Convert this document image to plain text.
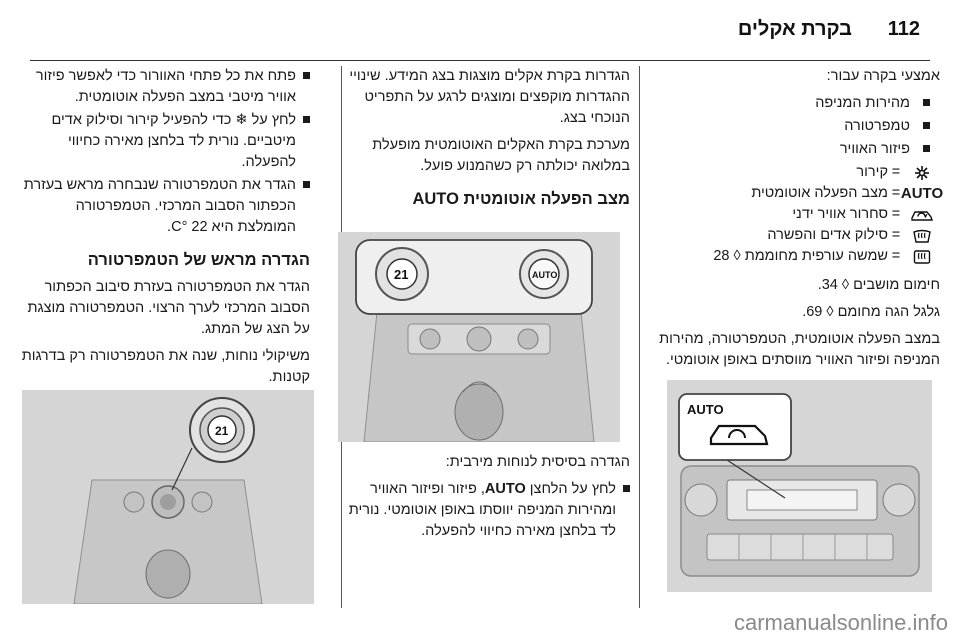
112
בקרת אקלים

אמצעי בקרה עבור:

מהירות המניפה
טמפרטורה
פיזור האוויר
=
קירור
AUTO
=
מצב הפעלה אוטומטית
=
סחרור אוויר ידני
=
סילוק אדים והפשרה
=
שמשה עורפית מחוממת ◊ 28

חימום מושבים ◊ 34.

גלגל הגה מחומם ◊ 69.

במצב הפעלה אוטומטית, הטמפרטורה, מהירות המניפה ופיזור האוויר מווסתים באופן אוטומטי.

AUTO

הגדרות בקרת אקלים מוצגות בצג המידע. שינויי ההגדרות מוקפצים ומוצגים לרגע על התפריט הנוכחי בצג.

מערכת בקרת האקלים האוטומטית מופעלת במלואה יכולתה רק כשהמנוע פועל.

מצב הפעלה אוטומטית AUTO
21	AUTO

הגדרה בסיסית לנוחות מירבית:

לחץ על הלחצן AUTO, פיזור ופיזור האוויר ומהירות המניפה יווסתו באופן אוטומטי. נורית לד בלחצן מאירה כחיווי להפעלה.
פתח את כל פתחי האוורור כדי לאפשר פיזור אוויר מיטבי במצב הפעלה אוטומטית.
לחץ על ❄ כדי להפעיל קירור וסילוק אדים מיטביים. נורית לד בלחצן מאירה כחיווי להפעלה.
הגדר את הטמפרטורה שנבחרה מראש בעזרת הכפתור הסבוב המרכזי. הטמפרטורה המומלצת היא 22 °C.
הגדרה מראש של הטמפרטורה

הגדר את הטמפרטורה בעזרת סיבוב הכפתור הסבוב המרכזי לערך הרצוי. הטמפרטורה מוצגת על הצג של המתג.

משיקולי נוחות, שנה את הטמפרטורה רק בדרגות קטנות.

21
carmanualsonline.info
